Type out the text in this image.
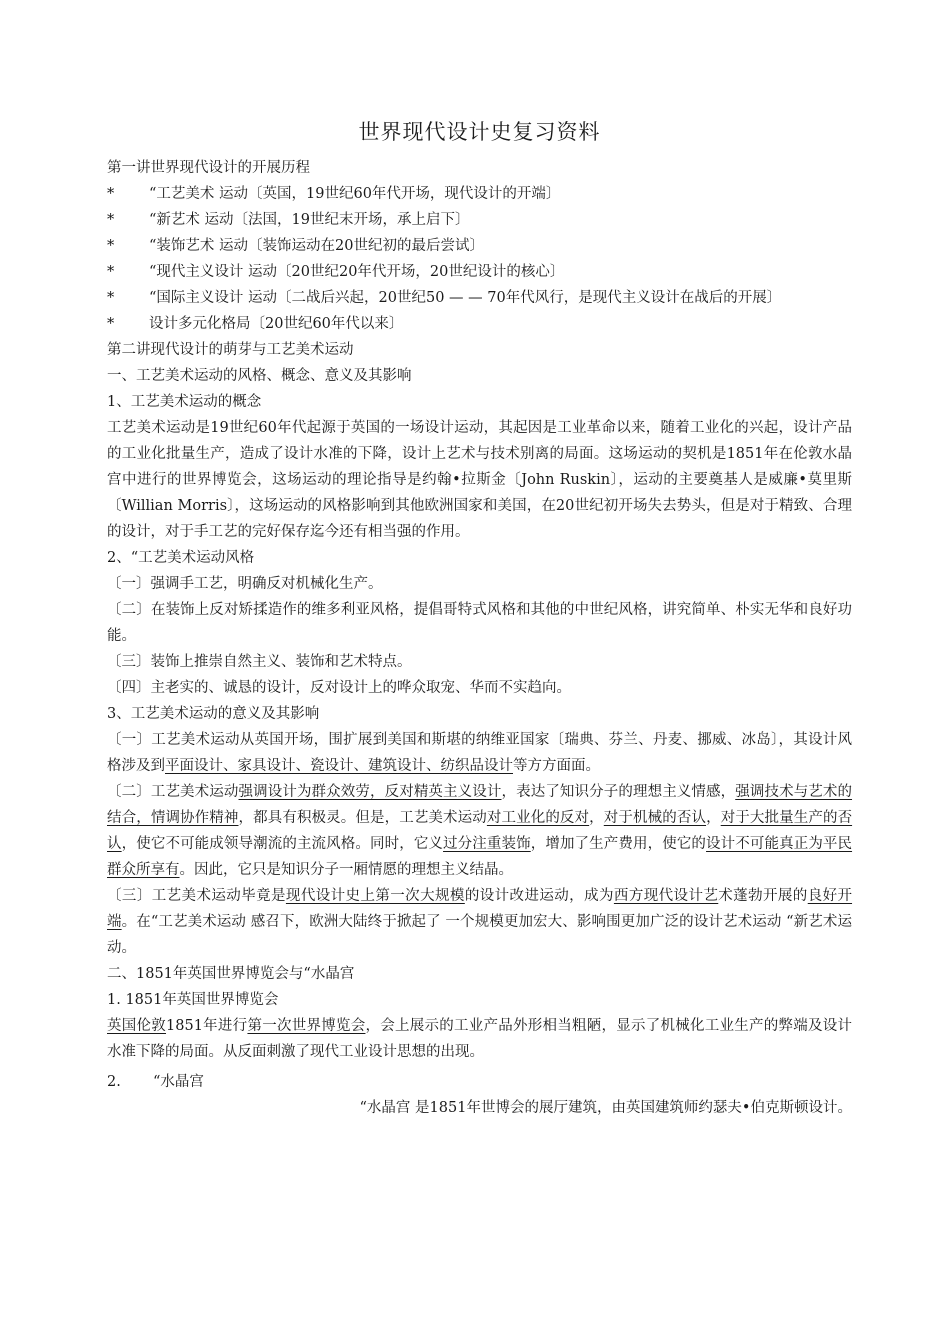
世界现代设计史复习资料
第一讲世界现代设计的开展历程
*	“工艺美术 运动〔英国，19世纪60年代开场，现代设计的开端〕
*	“新艺术 运动〔法国，19世纪末开场，承上启下〕
*	“装饰艺术 运动〔装饰运动在20世纪初的最后尝试〕
*	“现代主义设计 运动〔20世纪20年代开场，20世纪设计的核心〕
* “国际主义设计 运动〔二战后兴起，20世纪50 — — 70年代风行，是现代主义设计在战后的开展〕
*	设计多元化格局〔20世纪60年代以来〕
第二讲现代设计的萌芽与工艺美术运动
一、工艺美术运动的风格、概念、意义及其影响
1、工艺美术运动的概念

工艺美术运动是19世纪60年代起源于英国的一场设计运动，其起因是工业革命以来，随着工业化的兴起，设计产品的工业化批量生产，造成了设计水准的下降，设计上艺术与技术别离的局面。这场运动的契机是1851年在伦敦水晶宫中进行的世界博览会，这场运动的理论指导是约翰•拉斯金〔John Ruskin〕，运动的主要奠基人是威廉•莫里斯〔Willian Morris〕，这场运动的风格影响到其他欧洲国家和美国，在20世纪初开场失去势头，但是对于精致、合理的设计，对于手工艺的完好保存迄今还有相当强的作用。

2、“工艺美术运动风格

〔一〕强调手工艺，明确反对机械化生产。

〔二〕在装饰上反对矫揉造作的维多利亚风格，提倡哥特式风格和其他的中世纪风格，讲究简单、朴实无华和良好功能。

〔三〕装饰上推崇自然主义、装饰和艺术特点。

〔四〕主老实的、诚恳的设计，反对设计上的哗众取宠、华而不实趋向。

3、工艺美术运动的意义及其影响

〔一〕工艺美术运动从英国开场，围扩展到美国和斯堪的纳维亚国家〔瑞典、芬兰、丹麦、挪威、冰岛〕，其设计风格涉及到平面设计、家具设计、瓷设计、建筑设计、纺织品设计等方方面面。

〔二〕工艺美术运动强调设计为群众效劳，反对精英主义设计，表达了知识分子的理想主义情感，强调技术与艺术的结合，情调协作精神，都具有积极灵。但是，工艺美术运动对工业化的反对，对于机械的否认，对于大批量生产的否认，使它不可能成领导潮流的主流风格。同时，它义过分注重装饰，增加了生产费用，使它的设计不可能真正为平民群众所享有。因此，它只是知识分子一厢情愿的理想主义结晶。

〔三〕工艺美术运动毕竟是现代设计史上第一次大规模的设计改进运动，成为西方现代设计艺术蓬勃开展的良好开端。在“工艺美术运动 感召下，欧洲大陆终于掀起了 一个规模更加宏大、影响围更加广泛的设计艺术运动 “新艺术运动。

二、1851年英国世界博览会与“水晶宫
1. 1851年英国世界博览会

英国伦敦1851年进行第一次世界博览会，会上展示的工业产品外形相当粗陋，显示了机械化工业生产的弊端及设计水准下降的局面。从反面刺激了现代工业设计思想的出现。

2.	“水晶宫
“水晶宫 是1851年世博会的展厅建筑，由英国建筑师约瑟夫•伯克斯顿设计。
